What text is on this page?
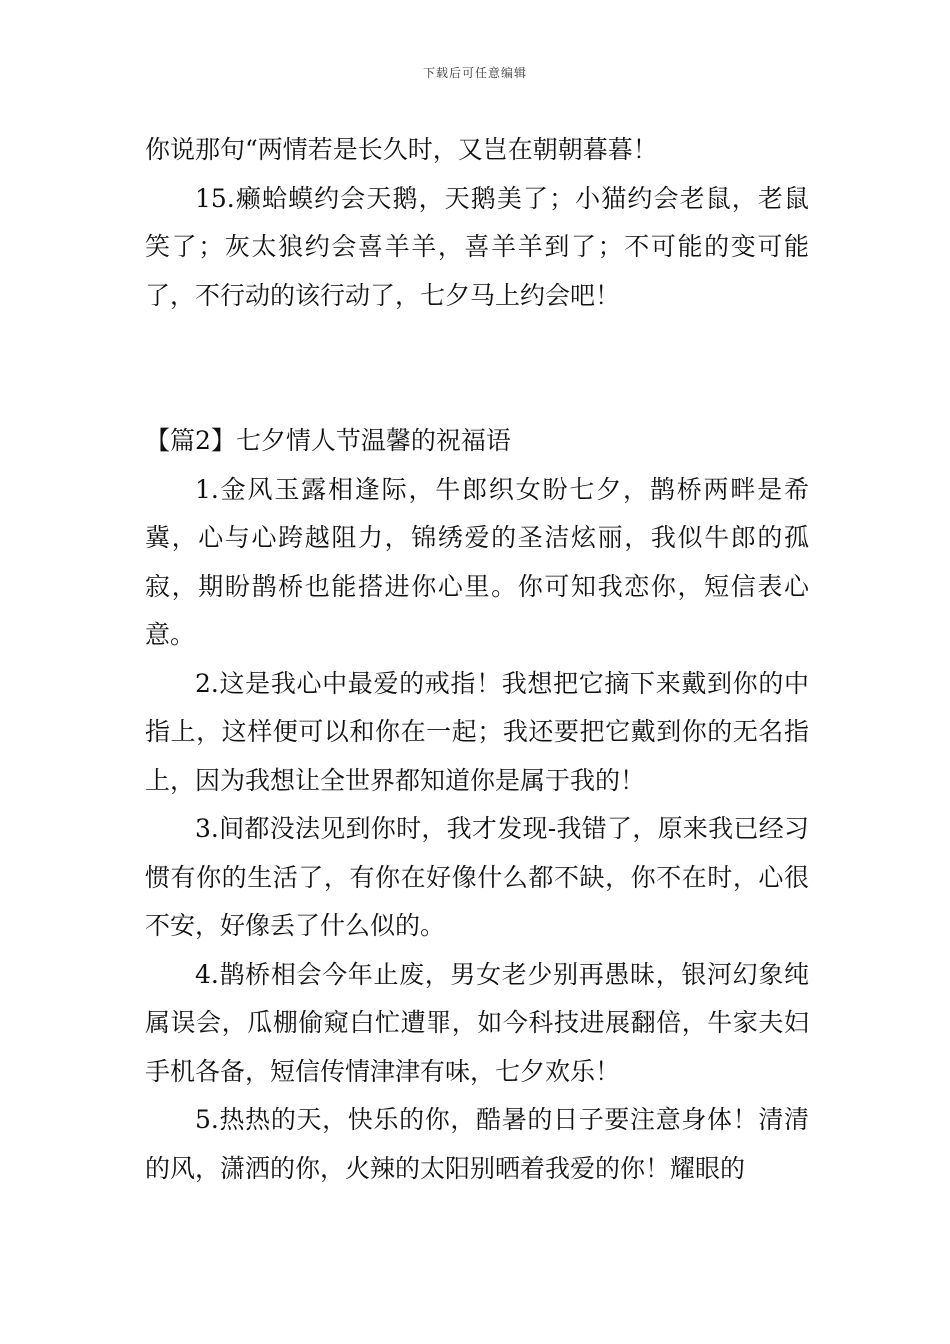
下载后可任意编辑

你说那句“两情若是长久时，又岂在朝朝暮暮！

15.癞蛤蟆约会天鹅，天鹅美了；小猫约会老鼠，老鼠笑了；灰太狼约会喜羊羊，喜羊羊到了；不可能的变可能了，不行动的该行动了，七夕马上约会吧！

【篇2】七夕情人节温馨的祝福语

1.金风玉露相逢际，牛郎织女盼七夕，鹊桥两畔是希冀，心与心跨越阻力，锦绣爱的圣洁炫丽，我似牛郎的孤寂，期盼鹊桥也能搭进你心里。你可知我恋你，短信表心意。

2.这是我心中最爱的戒指！我想把它摘下来戴到你的中指上，这样便可以和你在一起；我还要把它戴到你的无名指上，因为我想让全世界都知道你是属于我的！

3.间都没法见到你时，我才发现-我错了，原来我已经习惯有你的生活了，有你在好像什么都不缺，你不在时，心很不安，好像丢了什么似的。

4.鹊桥相会今年止废，男女老少别再愚昧，银河幻象纯属误会，瓜棚偷窥白忙遭罪，如今科技进展翻倍，牛家夫妇手机各备，短信传情津津有味，七夕欢乐！

5.热热的天，快乐的你，酷暑的日子要注意身体！清清的风，潇洒的你，火辣的太阳别晒着我爱的你！耀眼的
